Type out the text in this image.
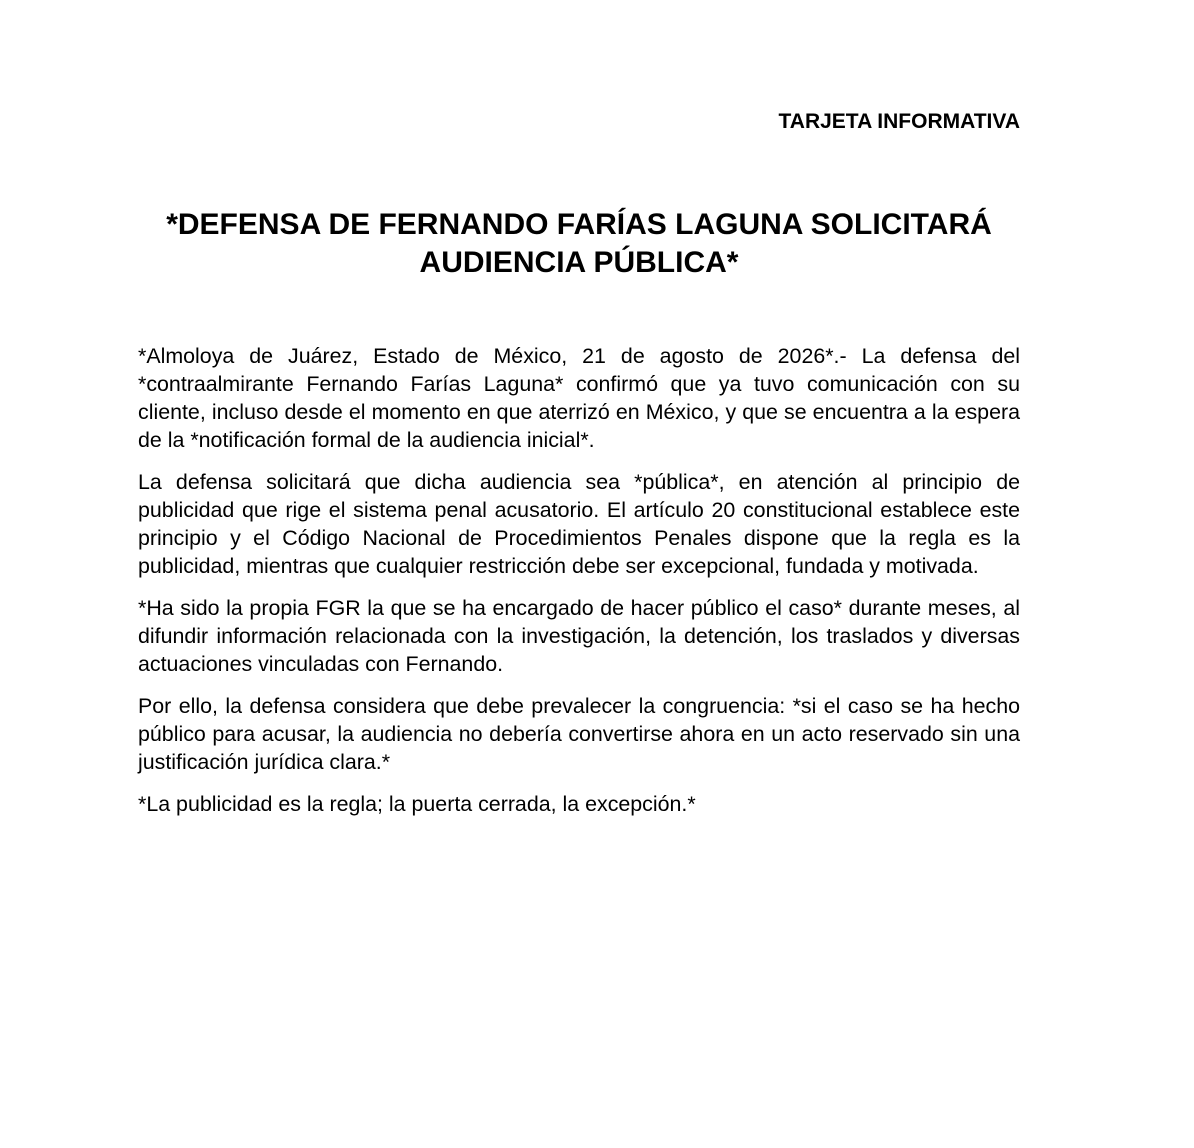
TARJETA INFORMATIVA
*DEFENSA DE FERNANDO FARÍAS LAGUNA SOLICITARÁ
AUDIENCIA PÚBLICA*

*Almoloya de Juárez, Estado de México, 21 de agosto de 2026*.- La defensa del *contraalmirante Fernando Farías Laguna* confirmó que ya tuvo comunicación con su cliente, incluso desde el momento en que aterrizó en México, y que se encuentra a la espera de la *notificación formal de la audiencia inicial*.

La defensa solicitará que dicha audiencia sea *pública*, en atención al principio de publicidad que rige el sistema penal acusatorio. El artículo 20 constitucional establece este principio y el Código Nacional de Procedimientos Penales dispone que la regla es la publicidad, mientras que cualquier restricción debe ser excepcional, fundada y motivada.

*Ha sido la propia FGR la que se ha encargado de hacer público el caso* durante meses, al difundir información relacionada con la investigación, la detención, los traslados y diversas actuaciones vinculadas con Fernando.

Por ello, la defensa considera que debe prevalecer la congruencia: *si el caso se ha hecho público para acusar, la audiencia no debería convertirse ahora en un acto reservado sin una justificación jurídica clara.*

*La publicidad es la regla; la puerta cerrada, la excepción.*
